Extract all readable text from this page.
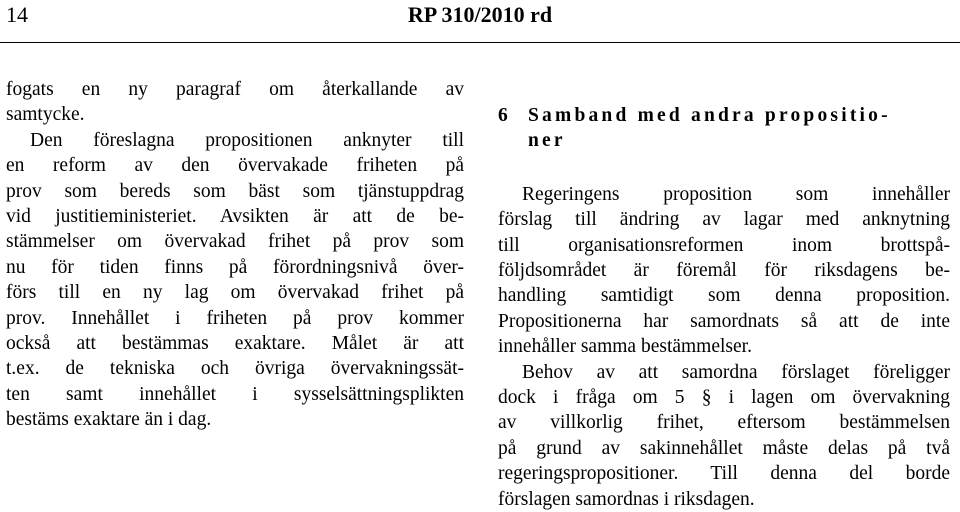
14	RP 310/2010 rd
fogats en ny paragraf om återkallande av
samtycke.
Den föreslagna propositionen anknyter till
en reform av den övervakade friheten på
prov som bereds som bäst som tjänstuppdrag
vid justitieministeriet. Avsikten är att de be-
stämmelser om övervakad frihet på prov som
nu för tiden finns på förordningsnivå över-
förs till en ny lag om övervakad frihet på
prov. Innehållet i friheten på prov kommer
också att bestämmas exaktare. Målet är att
t.ex. de tekniska och övriga övervakningssät-
ten samt innehållet i sysselsättningsplikten
bestäms exaktare än i dag.
6 Samband med andra propositio-
ner
Regeringens proposition som innehåller
förslag till ändring av lagar med anknytning
till organisationsreformen inom brottspå-
följdsområdet är föremål för riksdagens be-
handling samtidigt som denna proposition.
Propositionerna har samordnats så att de inte
innehåller samma bestämmelser.
Behov av att samordna förslaget föreligger
dock i fråga om 5 § i lagen om övervakning
av villkorlig frihet, eftersom bestämmelsen
på grund av sakinnehållet måste delas på två
regeringspropositioner. Till denna del borde
förslagen samordnas i riksdagen.
